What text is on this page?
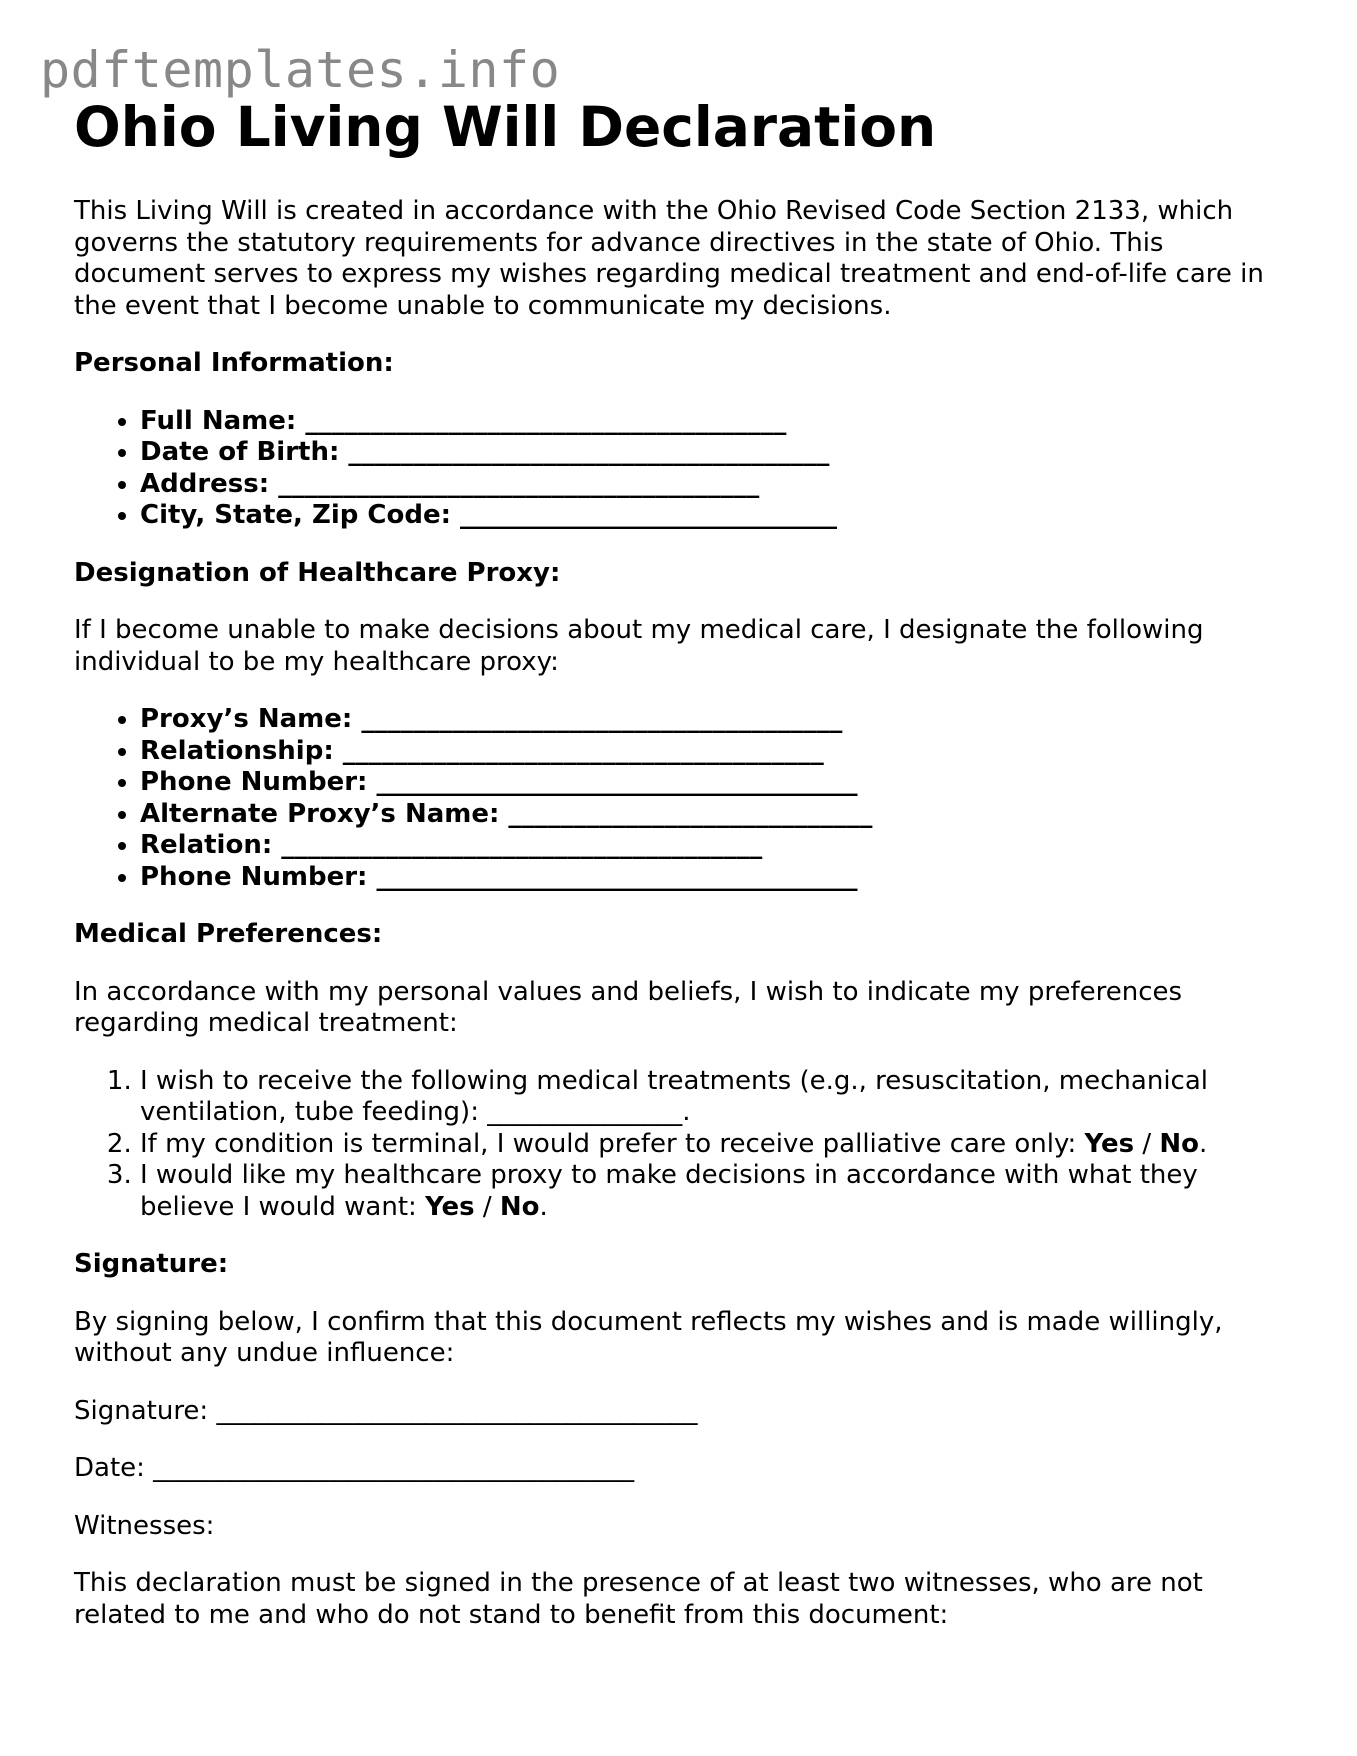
pdftemplates.info
Ohio Living Will Declaration

This Living Will is created in accordance with the Ohio Revised Code Section 2133, which governs the statutory requirements for advance directives in the state of Ohio. This document serves to express my wishes regarding medical treatment and end-of-life care in the event that I become unable to communicate my decisions.

Personal Information:

• Full Name: _____________________________________
• Date of Birth: _____________________________________
• Address: _____________________________________
• City, State, Zip Code: _____________________________

Designation of Healthcare Proxy:

If I become unable to make decisions about my medical care, I designate the following individual to be my healthcare proxy:

• Proxy’s Name: _____________________________________
• Relationship: _____________________________________
• Phone Number: _____________________________________
• Alternate Proxy’s Name: ____________________________
• Relation: _____________________________________
• Phone Number: _____________________________________

Medical Preferences:

In accordance with my personal values and beliefs, I wish to indicate my preferences regarding medical treatment:

1. I wish to receive the following medical treatments (e.g., resuscitation, mechanical ventilation, tube feeding): _______________.
2. If my condition is terminal, I would prefer to receive palliative care only: Yes / No.
3. I would like my healthcare proxy to make decisions in accordance with what they believe I would want: Yes / No.

Signature:

By signing below, I confirm that this document reflects my wishes and is made willingly, without any undue influence:

Signature: _____________________________________

Date: _____________________________________

Witnesses:

This declaration must be signed in the presence of at least two witnesses, who are not related to me and who do not stand to benefit from this document:
